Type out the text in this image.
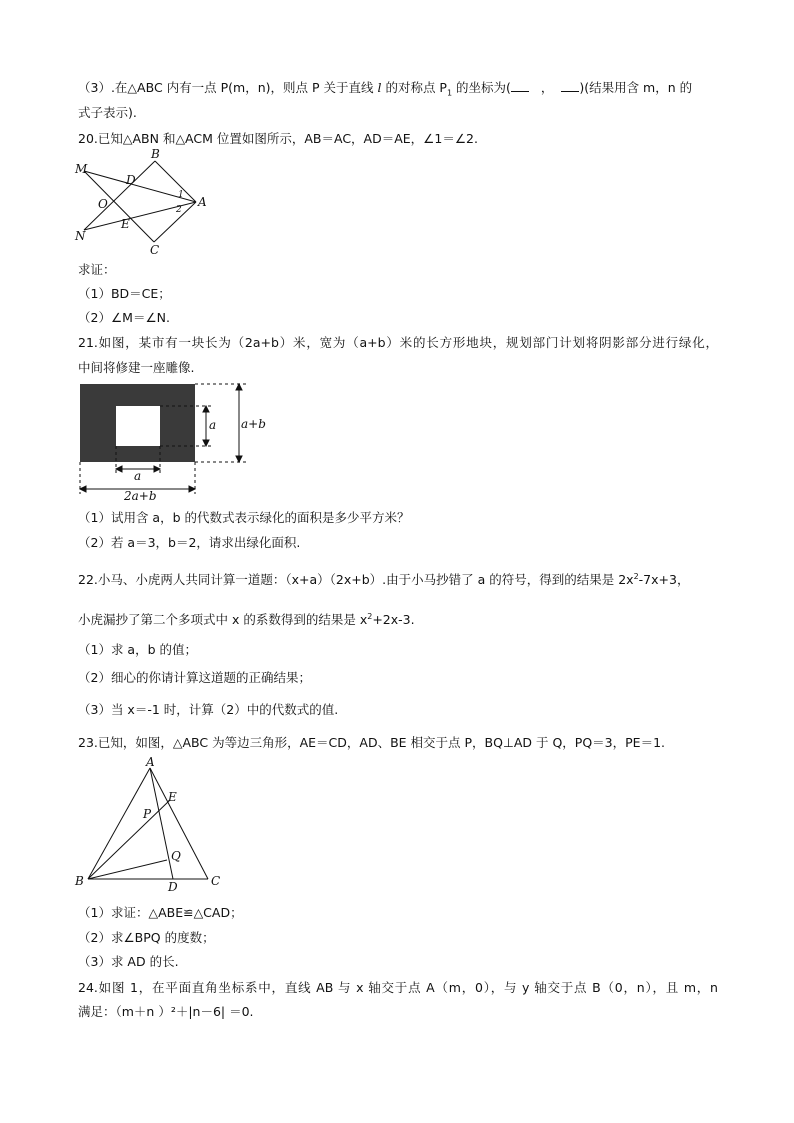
（3）.在△ABC 内有一点 P(m，n)，则点 P 关于直线 l 的对称点 $P_1$ 的坐标为( ， )(结果用含 m，n 的
式子表示).
20.已知△ABN 和△ACM 位置如图所示，AB＝AC，AD＝AE，∠1＝∠2.
M
B
D
1
O	A
2
N
E
C
求证：
（1）BD＝CE；
（2）∠M＝∠N.
21.如图，某市有一块长为（2a+b）米，宽为（a+b）米的长方形地块，规划部门计划将阴影部分进行绿化，
中间将修建一座雕像.
a a+b
a
2a+b
（1）试用含 a，b 的代数式表示绿化的面积是多少平方米？
（2）若 a＝3，b＝2，请求出绿化面积.
22.小马、小虎两人共同计算一道题：（x+a）（2x+b）.由于小马抄错了 a 的符号，得到的结果是 $2x^2-7x+3$，
小虎漏抄了第二个多项式中 x 的系数得到的结果是 $x^2+2x-3$.
（1）求 a，b 的值；
（2）细心的你请计算这道题的正确结果；
（3）当 x＝-1 时，计算（2）中的代数式的值.
23.已知，如图，△ABC 为等边三角形，AE＝CD，AD、BE 相交于点 P，BQ⊥AD 于 Q，PQ＝3，PE＝1.
A
E
P
Q
B	D	C
（1）求证：△ABE≌△CAD；
（2）求∠BPQ 的度数；
（3）求 AD 的长.
24.如图 1，在平面直角坐标系中，直线 AB 与 x 轴交于点 A（m，0），与 y 轴交于点 B（0，n），且 m，n
满足：（m＋n ）²＋|n－6| ＝0.
